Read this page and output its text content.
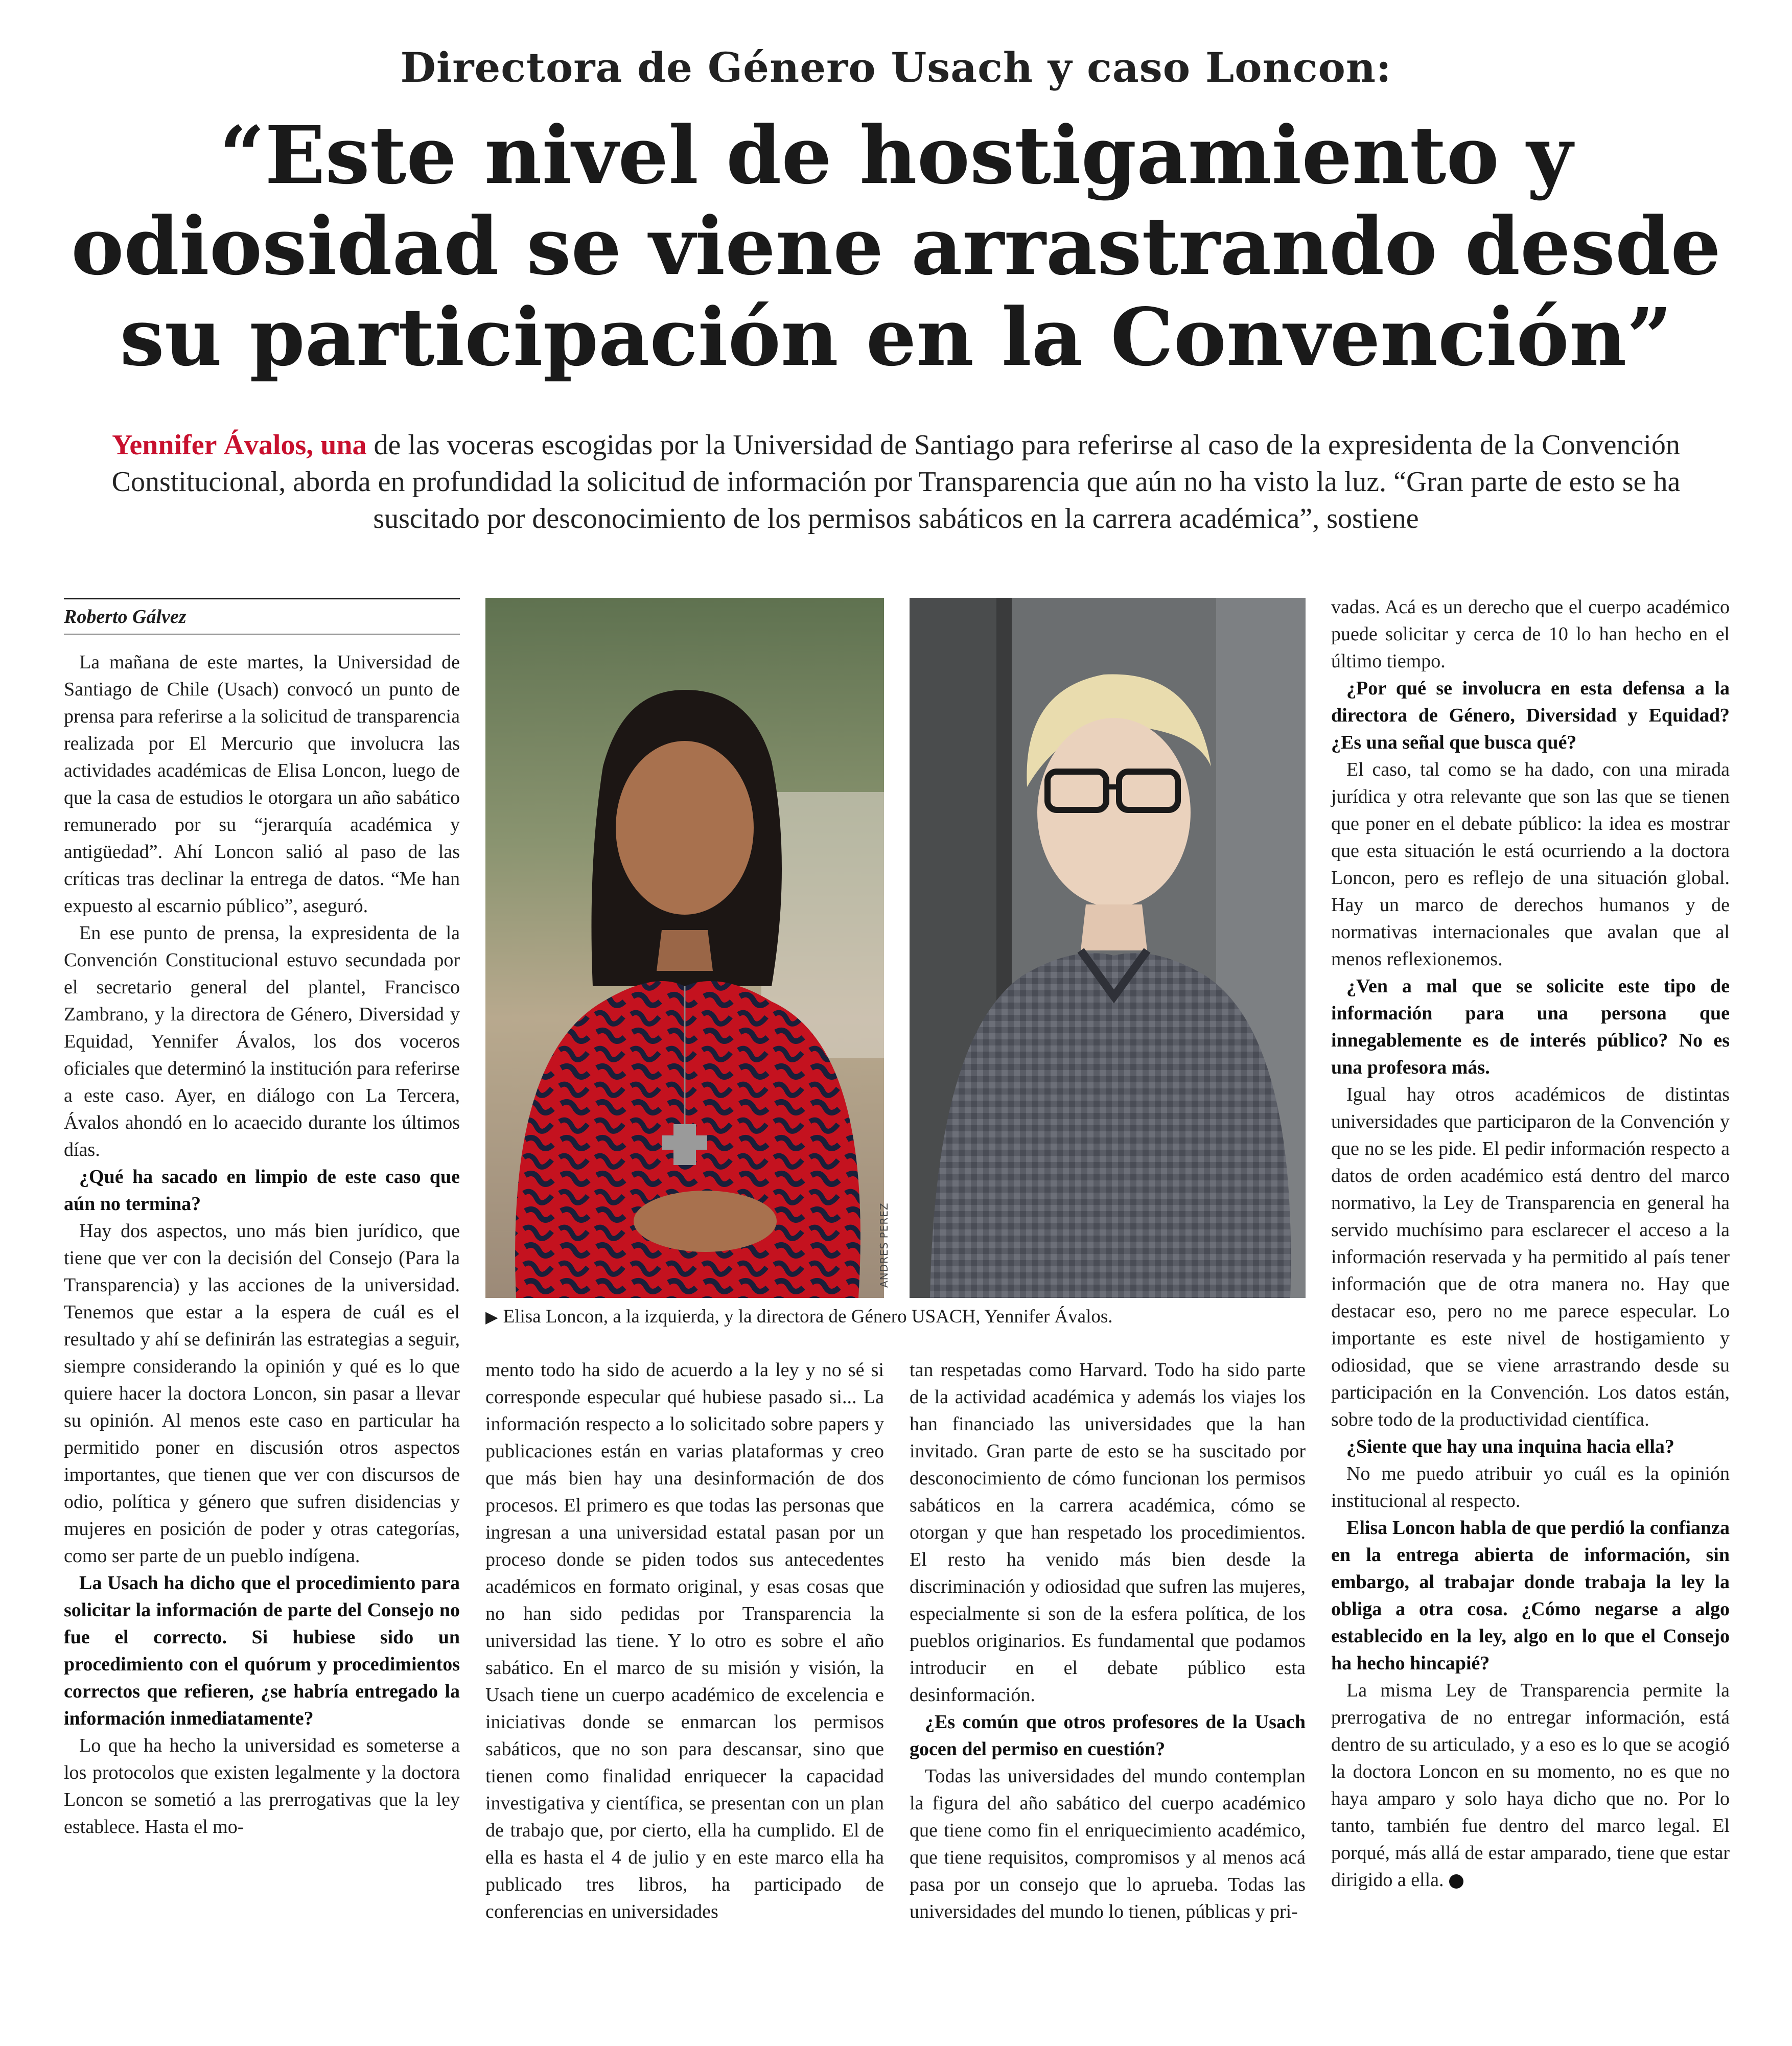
Directora de Género Usach y caso Loncon:
“Este nivel de hostigamiento y
odiosidad se viene arrastrando desde
su participación en la Convención”
Yennifer Ávalos, una de las voceras escogidas por la Universidad de Santiago para referirse al caso de la expresidenta de la Convención Constitucional, aborda en profundidad la solicitud de información por Transparencia que aún no ha visto la luz. “Gran parte de esto se ha suscitado por desconocimiento de los permisos sabáticos en la carrera académica”, sostiene
Roberto Gálvez

La mañana de este martes, la Universidad de Santiago de Chile (Usach) convocó un punto de prensa para referirse a la solicitud de transparencia realizada por El Mercurio que involucra las actividades académicas de Elisa Loncon, luego de que la casa de estudios le otorgara un año sabático remunerado por su “jerarquía académica y antigüedad”. Ahí Loncon salió al paso de las críticas tras declinar la entrega de datos. “Me han expuesto al escarnio público”, aseguró.

En ese punto de prensa, la expresidenta de la Convención Constitucional estuvo secundada por el secretario general del plantel, Francisco Zambrano, y la directora de Género, Diversidad y Equidad, Yennifer Ávalos, los dos voceros oficiales que determinó la institución para referirse a este caso. Ayer, en diálogo con La Tercera, Ávalos ahondó en lo acaecido durante los últimos días.

¿Qué ha sacado en limpio de este caso que aún no termina?

Hay dos aspectos, uno más bien jurídico, que tiene que ver con la decisión del Consejo (Para la Transparencia) y las acciones de la universidad. Tenemos que estar a la espera de cuál es el resultado y ahí se definirán las estrategias a seguir, siempre considerando la opinión y qué es lo que quiere hacer la doctora Loncon, sin pasar a llevar su opinión. Al menos este caso en particular ha permitido poner en discusión otros aspectos importantes, que tienen que ver con discursos de odio, política y género que sufren disidencias y mujeres en posición de poder y otras categorías, como ser parte de un pueblo indígena.

La Usach ha dicho que el procedimiento para solicitar la información de parte del Consejo no fue el correcto. Si hubiese sido un procedimiento con el quórum y procedimientos correctos que refieren, ¿se habría entregado la información inmediatamente?

Lo que ha hecho la universidad es someterse a los protocolos que existen legalmente y la doctora Loncon se sometió a las prerrogativas que la ley establece. Hasta el mo-

ANDRES PEREZ
▶ Elisa Loncon, a la izquierda, y la directora de Género USACH, Yennifer Ávalos.

mento todo ha sido de acuerdo a la ley y no sé si corresponde especular qué hubiese pasado si... La información respecto a lo solicitado sobre papers y publicaciones están en varias plataformas y creo que más bien hay una desinformación de dos procesos. El primero es que todas las personas que ingresan a una universidad estatal pasan por un proceso donde se piden todos sus antecedentes académicos en formato original, y esas cosas que no han sido pedidas por Transparencia la universidad las tiene. Y lo otro es sobre el año sabático. En el marco de su misión y visión, la Usach tiene un cuerpo académico de excelencia e iniciativas donde se enmarcan los permisos sabáticos, que no son para descansar, sino que tienen como finalidad enriquecer la capacidad investigativa y científica, se presentan con un plan de trabajo que, por cierto, ella ha cumplido. El de ella es hasta el 4 de julio y en este marco ella ha publicado tres libros, ha participado de conferencias en universidades

tan respetadas como Harvard. Todo ha sido parte de la actividad académica y además los viajes los han financiado las universidades que la han invitado. Gran parte de esto se ha suscitado por desconocimiento de cómo funcionan los permisos sabáticos en la carrera académica, cómo se otorgan y que han respetado los procedimientos. El resto ha venido más bien desde la discriminación y odiosidad que sufren las mujeres, especialmente si son de la esfera política, de los pueblos originarios. Es fundamental que podamos introducir en el debate público esta desinformación.

¿Es común que otros profesores de la Usach gocen del permiso en cuestión?

Todas las universidades del mundo contemplan la figura del año sabático del cuerpo académico que tiene como fin el enriquecimiento académico, que tiene requisitos, compromisos y al menos acá pasa por un consejo que lo aprueba. Todas las universidades del mundo lo tienen, públicas y pri-

vadas. Acá es un derecho que el cuerpo académico puede solicitar y cerca de 10 lo han hecho en el último tiempo.

¿Por qué se involucra en esta defensa a la directora de Género, Diversidad y Equidad? ¿Es una señal que busca qué?

El caso, tal como se ha dado, con una mirada jurídica y otra relevante que son las que se tienen que poner en el debate público: la idea es mostrar que esta situación le está ocurriendo a la doctora Loncon, pero es reflejo de una situación global. Hay un marco de derechos humanos y de normativas internacionales que avalan que al menos reflexionemos.

¿Ven a mal que se solicite este tipo de información para una persona que innegablemente es de interés público? No es una profesora más.

Igual hay otros académicos de distintas universidades que participaron de la Convención y que no se les pide. El pedir información respecto a datos de orden académico está dentro del marco normativo, la Ley de Transparencia en general ha servido muchísimo para esclarecer el acceso a la información reservada y ha permitido al país tener información que de otra manera no. Hay que destacar eso, pero no me parece especular. Lo importante es este nivel de hostigamiento y odiosidad, que se viene arrastrando desde su participación en la Convención. Los datos están, sobre todo de la productividad científica.

¿Siente que hay una inquina hacia ella?

No me puedo atribuir yo cuál es la opinión institucional al respecto.

Elisa Loncon habla de que perdió la confianza en la entrega abierta de información, sin embargo, al trabajar donde trabaja la ley la obliga a otra cosa. ¿Cómo negarse a algo establecido en la ley, algo en lo que el Consejo ha hecho hincapié?

La misma Ley de Transparencia permite la prerrogativa de no entregar información, está dentro de su articulado, y a eso es lo que se acogió la doctora Loncon en su momento, no es que no haya amparo y solo haya dicho que no. Por lo tanto, también fue dentro del marco legal. El porqué, más allá de estar amparado, tiene que estar dirigido a ella.
